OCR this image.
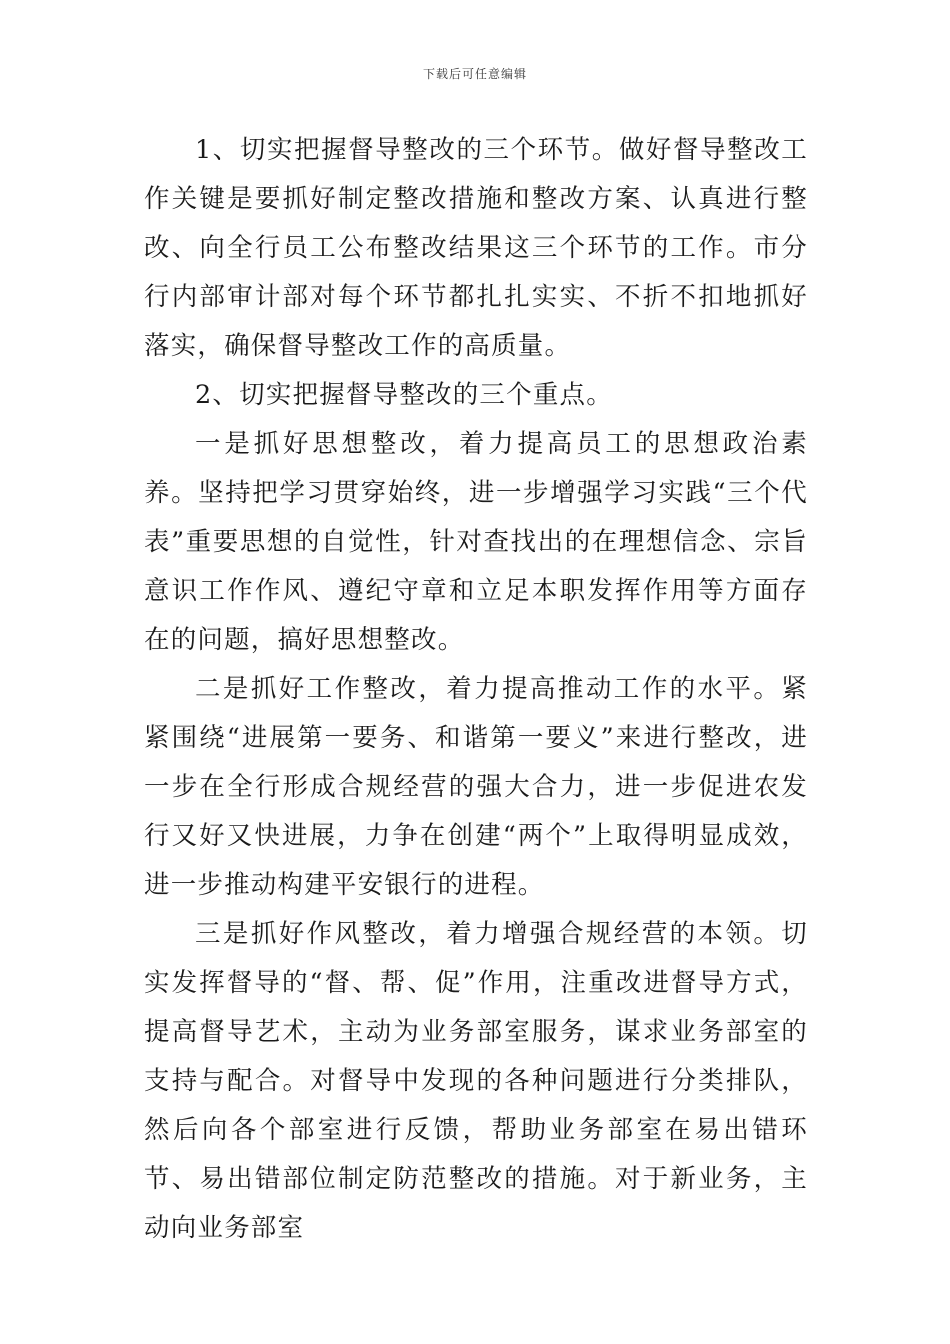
下载后可任意编辑

1、切实把握督导整改的三个环节。做好督导整改工作关键是要抓好制定整改措施和整改方案、认真进行整改、向全行员工公布整改结果这三个环节的工作。市分行内部审计部对每个环节都扎扎实实、不折不扣地抓好落实，确保督导整改工作的高质量。

2、切实把握督导整改的三个重点。

一是抓好思想整改，着力提高员工的思想政治素养。坚持把学习贯穿始终，进一步增强学习实践“三个代表”重要思想的自觉性，针对查找出的在理想信念、宗旨意识工作作风、遵纪守章和立足本职发挥作用等方面存在的问题，搞好思想整改。

二是抓好工作整改，着力提高推动工作的水平。紧紧围绕“进展第一要务、和谐第一要义”来进行整改，进一步在全行形成合规经营的强大合力，进一步促进农发行又好又快进展，力争在创建“两个”上取得明显成效，进一步推动构建平安银行的进程。

三是抓好作风整改，着力增强合规经营的本领。切实发挥督导的“督、帮、促”作用，注重改进督导方式，提高督导艺术，主动为业务部室服务，谋求业务部室的支持与配合。对督导中发现的各种问题进行分类排队，然后向各个部室进行反馈，帮助业务部室在易出错环节、易出错部位制定防范整改的措施。对于新业务，主动向业务部室
